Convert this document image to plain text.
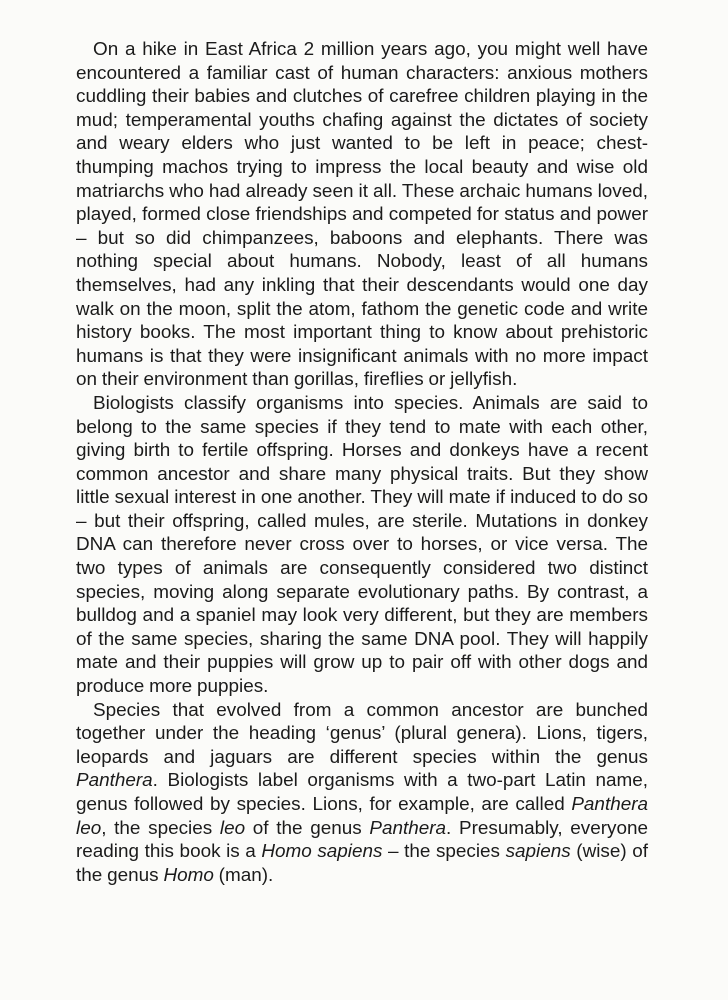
On a hike in East Africa 2 million years ago, you might well have encountered a familiar cast of human characters: anxious mothers cuddling their babies and clutches of carefree children playing in the mud; temperamental youths chafing against the dictates of society and weary elders who just wanted to be left in peace; chest-thumping machos trying to impress the local beauty and wise old matriarchs who had already seen it all. These archaic humans loved, played, formed close friendships and competed for status and power – but so did chimpanzees, baboons and elephants. There was nothing special about humans. Nobody, least of all humans themselves, had any inkling that their descendants would one day walk on the moon, split the atom, fathom the genetic code and write history books. The most important thing to know about prehistoric humans is that they were insignificant animals with no more impact on their environment than gorillas, fireflies or jellyfish.

Biologists classify organisms into species. Animals are said to belong to the same species if they tend to mate with each other, giving birth to fertile offspring. Horses and donkeys have a recent common ancestor and share many physical traits. But they show little sexual interest in one another. They will mate if induced to do so – but their offspring, called mules, are sterile. Mutations in donkey DNA can therefore never cross over to horses, or vice versa. The two types of animals are consequently considered two distinct species, moving along separate evolutionary paths. By contrast, a bulldog and a spaniel may look very different, but they are members of the same species, sharing the same DNA pool. They will happily mate and their puppies will grow up to pair off with other dogs and produce more puppies.

Species that evolved from a common ancestor are bunched together under the heading ‘genus’ (plural genera). Lions, tigers, leopards and jaguars are different species within the genus Panthera. Biologists label organisms with a two-part Latin name, genus followed by species. Lions, for example, are called Panthera leo, the species leo of the genus Panthera. Presumably, everyone reading this book is a Homo sapiens – the species sapiens (wise) of the genus Homo (man).
